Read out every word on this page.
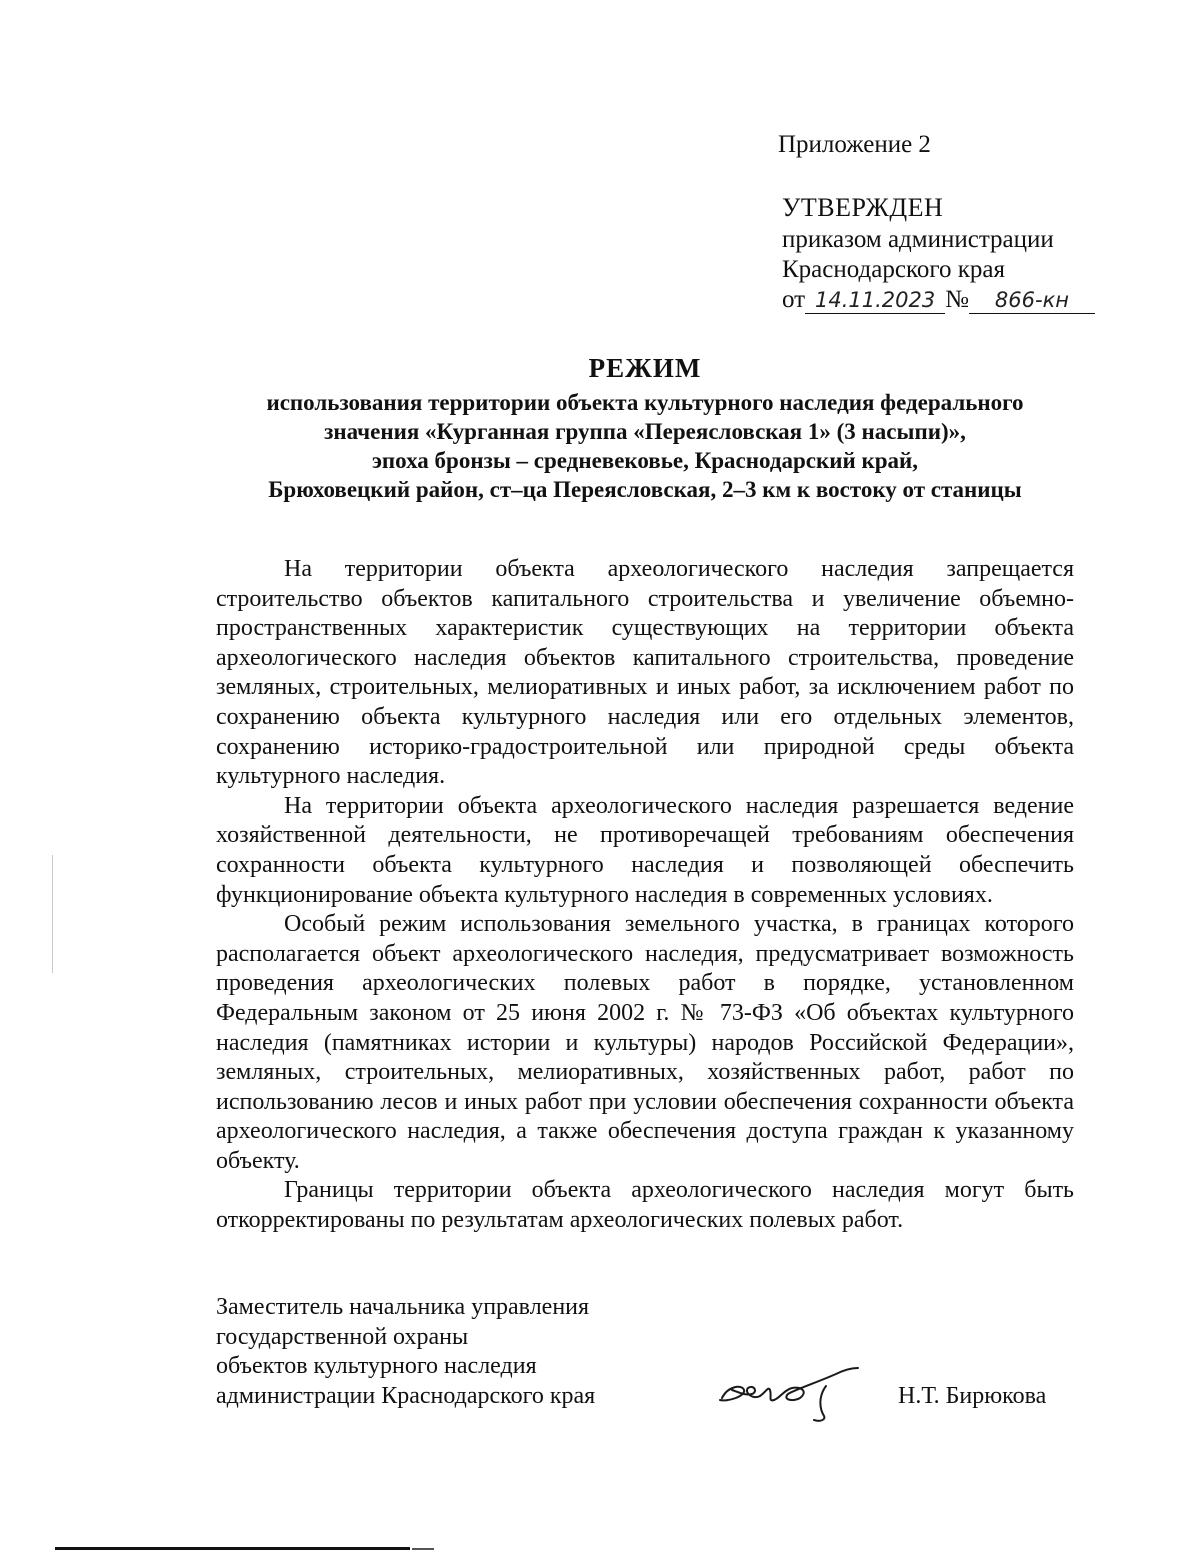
Приложение 2
УТВЕРЖДЕН
приказом администрации
Краснодарского края
от 14.11.2023 № 866-кн
РЕЖИМ
использования территории объекта культурного наследия федерального
значения «Курганная группа «Переясловская 1» (3 насыпи)»,
эпоха бронзы – средневековье, Краснодарский край,
Брюховецкий район, ст–ца Переясловская, 2–3 км к востоку от станицы

На территории объекта археологического наследия запрещается строительство объектов капитального строительства и увеличение объемно-пространственных характеристик существующих на территории объекта археологического наследия объектов капитального строительства, проведение земляных, строительных, мелиоративных и иных работ, за исключением работ по сохранению объекта культурного наследия или его отдельных элементов, сохранению историко-градостроительной или природной среды объекта культурного наследия.

На территории объекта археологического наследия разрешается ведение хозяйственной деятельности, не противоречащей требованиям обеспечения сохранности объекта культурного наследия и позволяющей обеспечить функционирование объекта культурного наследия в современных условиях.

Особый режим использования земельного участка, в границах которого располагается объект археологического наследия, предусматривает возможность проведения археологических полевых работ в порядке, установленном Федеральным законом от 25 июня 2002 г. № 73-ФЗ «Об объектах культурного наследия (памятниках истории и культуры) народов Российской Федерации», земляных, строительных, мелиоративных, хозяйственных работ, работ по использованию лесов и иных работ при условии обеспечения сохранности объекта археологического наследия, а также обеспечения доступа граждан к указанному объекту.

Границы территории объекта археологического наследия могут быть откорректированы по результатам археологических полевых работ.

Заместитель начальника управления
государственной охраны
объектов культурного наследия
администрации Краснодарского края	Н.Т. Бирюкова
